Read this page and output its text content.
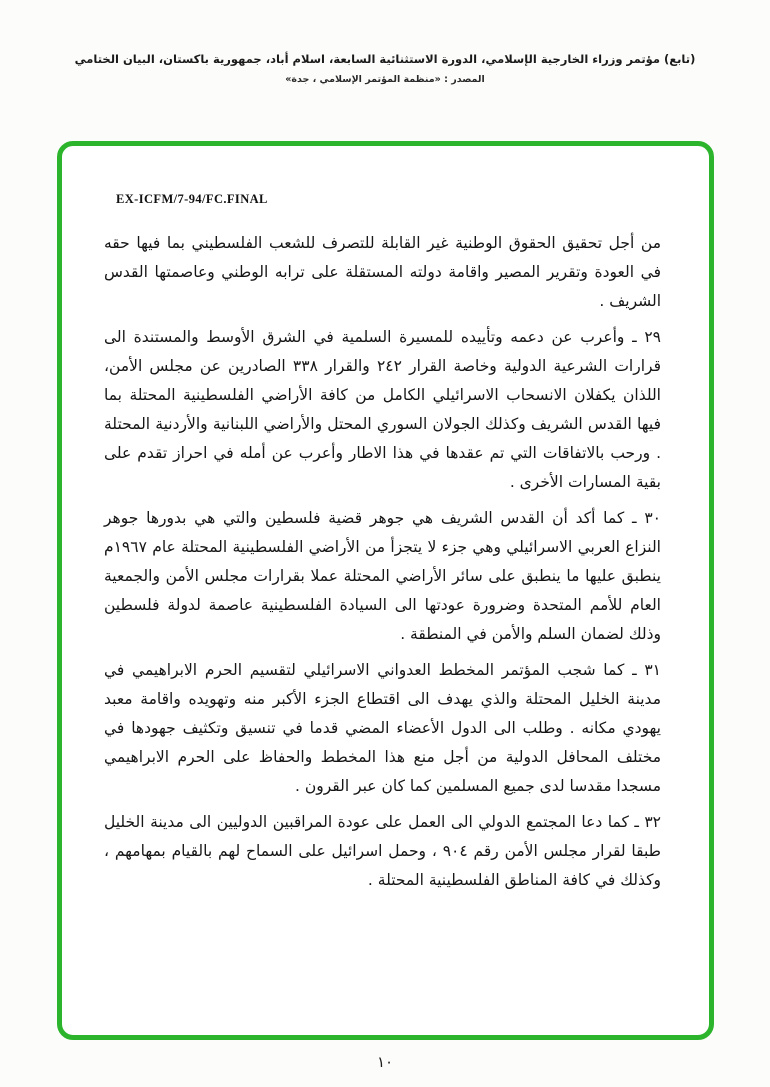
(تابع) مؤتمر وزراء الخارجية الإسلامي، الدورة الاستثنائية السابعة، اسلام أباد، جمهورية باكستان، البيان الختامي
المصدر : «منظمة المؤتمر الإسلامي ، جدة»
EX-ICFM/7-94/FC.FINAL

من أجل تحقيق الحقوق الوطنية غير القابلة للتصرف للشعب الفلسطيني بما فيها حقه في العودة وتقرير المصير واقامة دولته المستقلة على ترابه الوطني وعاصمتها القدس الشريف .

٢٩ ـ وأعرب عن دعمه وتأييده للمسيرة السلمية في الشرق الأوسط والمستندة الى قرارات الشرعية الدولية وخاصة القرار ٢٤٢ والقرار ٣٣٨ الصادرين عن مجلس الأمن، اللذان يكفلان الانسحاب الاسرائيلي الكامل من كافة الأراضي الفلسطينية المحتلة بما فيها القدس الشريف وكذلك الجولان السوري المحتل والأراضي اللبنانية والأردنية المحتلة . ورحب بالاتفاقات التي تم عقدها في هذا الاطار وأعرب عن أمله في احراز تقدم على بقية المسارات الأخرى .

٣٠ ـ كما أكد أن القدس الشريف هي جوهر قضية فلسطين والتي هي بدورها جوهر النزاع العربي الاسرائيلي وهي جزء لا يتجزأ من الأراضي الفلسطينية المحتلة عام ١٩٦٧م ينطبق عليها ما ينطبق على سائر الأراضي المحتلة عملا بقرارات مجلس الأمن والجمعية العام للأمم المتحدة وضرورة عودتها الى السيادة الفلسطينية عاصمة لدولة فلسطين وذلك لضمان السلم والأمن في المنطقة .

٣١ ـ كما شجب المؤتمر المخطط العدواني الاسرائيلي لتقسيم الحرم الابراهيمي في مدينة الخليل المحتلة والذي يهدف الى اقتطاع الجزء الأكبر منه وتهويده واقامة معبد يهودي مكانه . وطلب الى الدول الأعضاء المضي قدما في تنسيق وتكثيف جهودها في مختلف المحافل الدولية من أجل منع هذا المخطط والحفاظ على الحرم الابراهيمي مسجدا مقدسا لدى جميع المسلمين كما كان عبر القرون .

٣٢ ـ كما دعا المجتمع الدولي الى العمل على عودة المراقبين الدوليين الى مدينة الخليل طبقا لقرار مجلس الأمن رقم ٩٠٤ ، وحمل اسرائيل على السماح لهم بالقيام بمهامهم ، وكذلك في كافة المناطق الفلسطينية المحتلة .

١٠
